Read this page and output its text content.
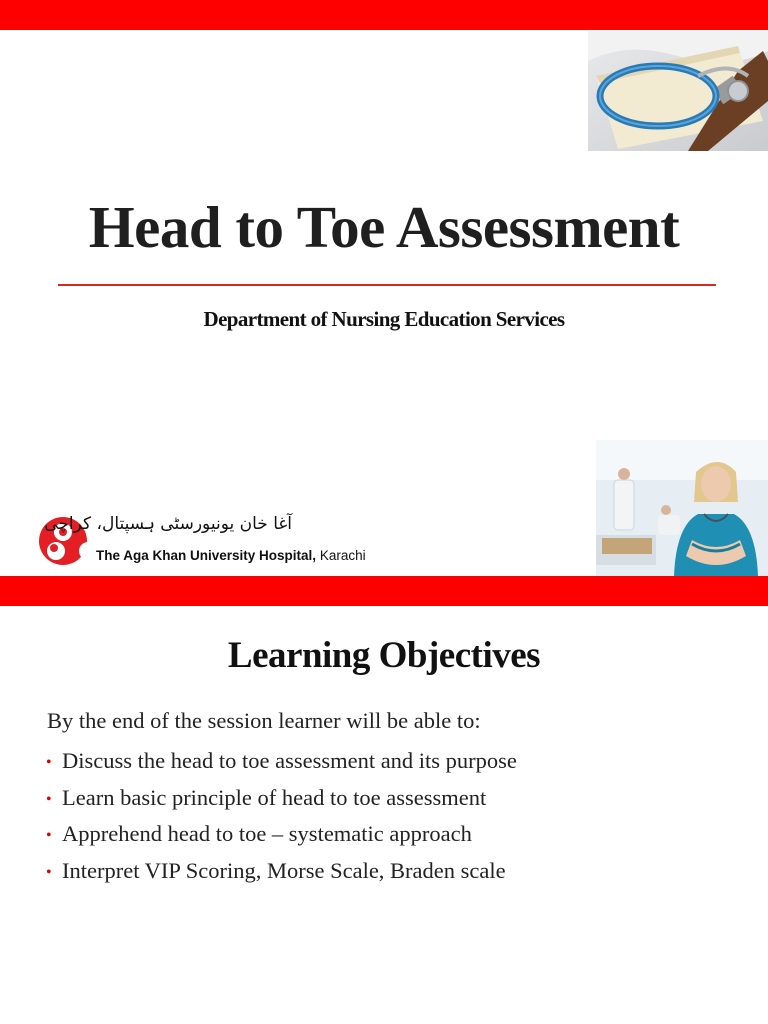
Head to Toe Assessment
Department of Nursing Education Services
آغا خان یونیورسٹی ہسپتال، کراچی
The Aga Khan University Hospital, Karachi
Learning Objectives
By the end of the session learner will be able to:
• Discuss the head to toe assessment and its purpose
• Learn basic principle of head to toe assessment
• Apprehend head to toe – systematic approach
• Interpret VIP Scoring, Morse Scale, Braden scale
